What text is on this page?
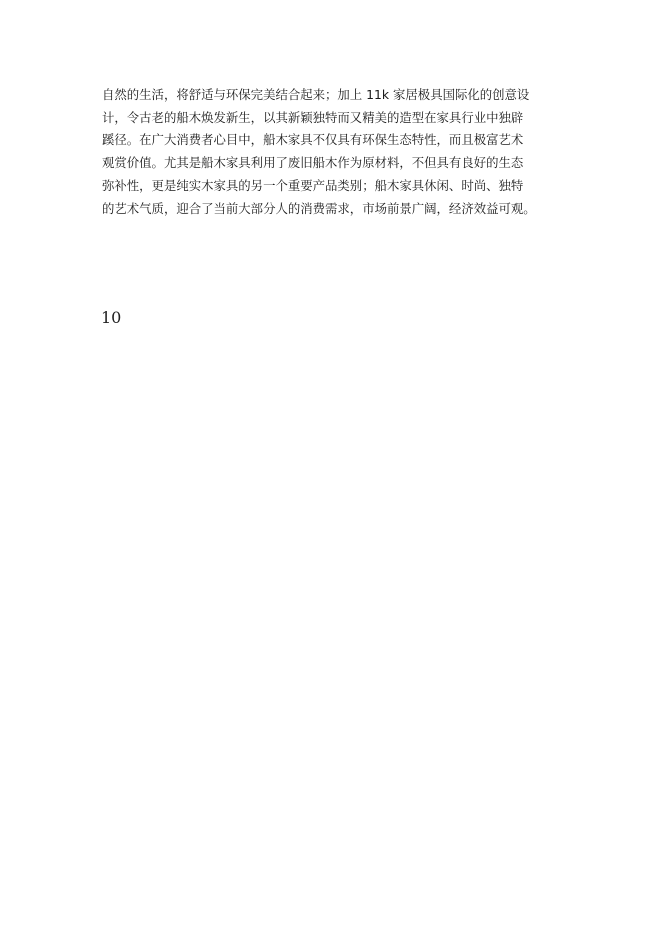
自然的生活，将舒适与环保完美结合起来；加上 11k 家居极具国际化的创意设
计，令古老的船木焕发新生，以其新颖独特而又精美的造型在家具行业中独辟
蹊径。在广大消费者心目中，船木家具不仅具有环保生态特性，而且极富艺术
观赏价值。尤其是船木家具利用了废旧船木作为原材料，不但具有良好的生态
弥补性，更是纯实木家具的另一个重要产品类别；船木家具休闲、时尚、独特
的艺术气质，迎合了当前大部分人的消费需求，市场前景广阔，经济效益可观。
10
